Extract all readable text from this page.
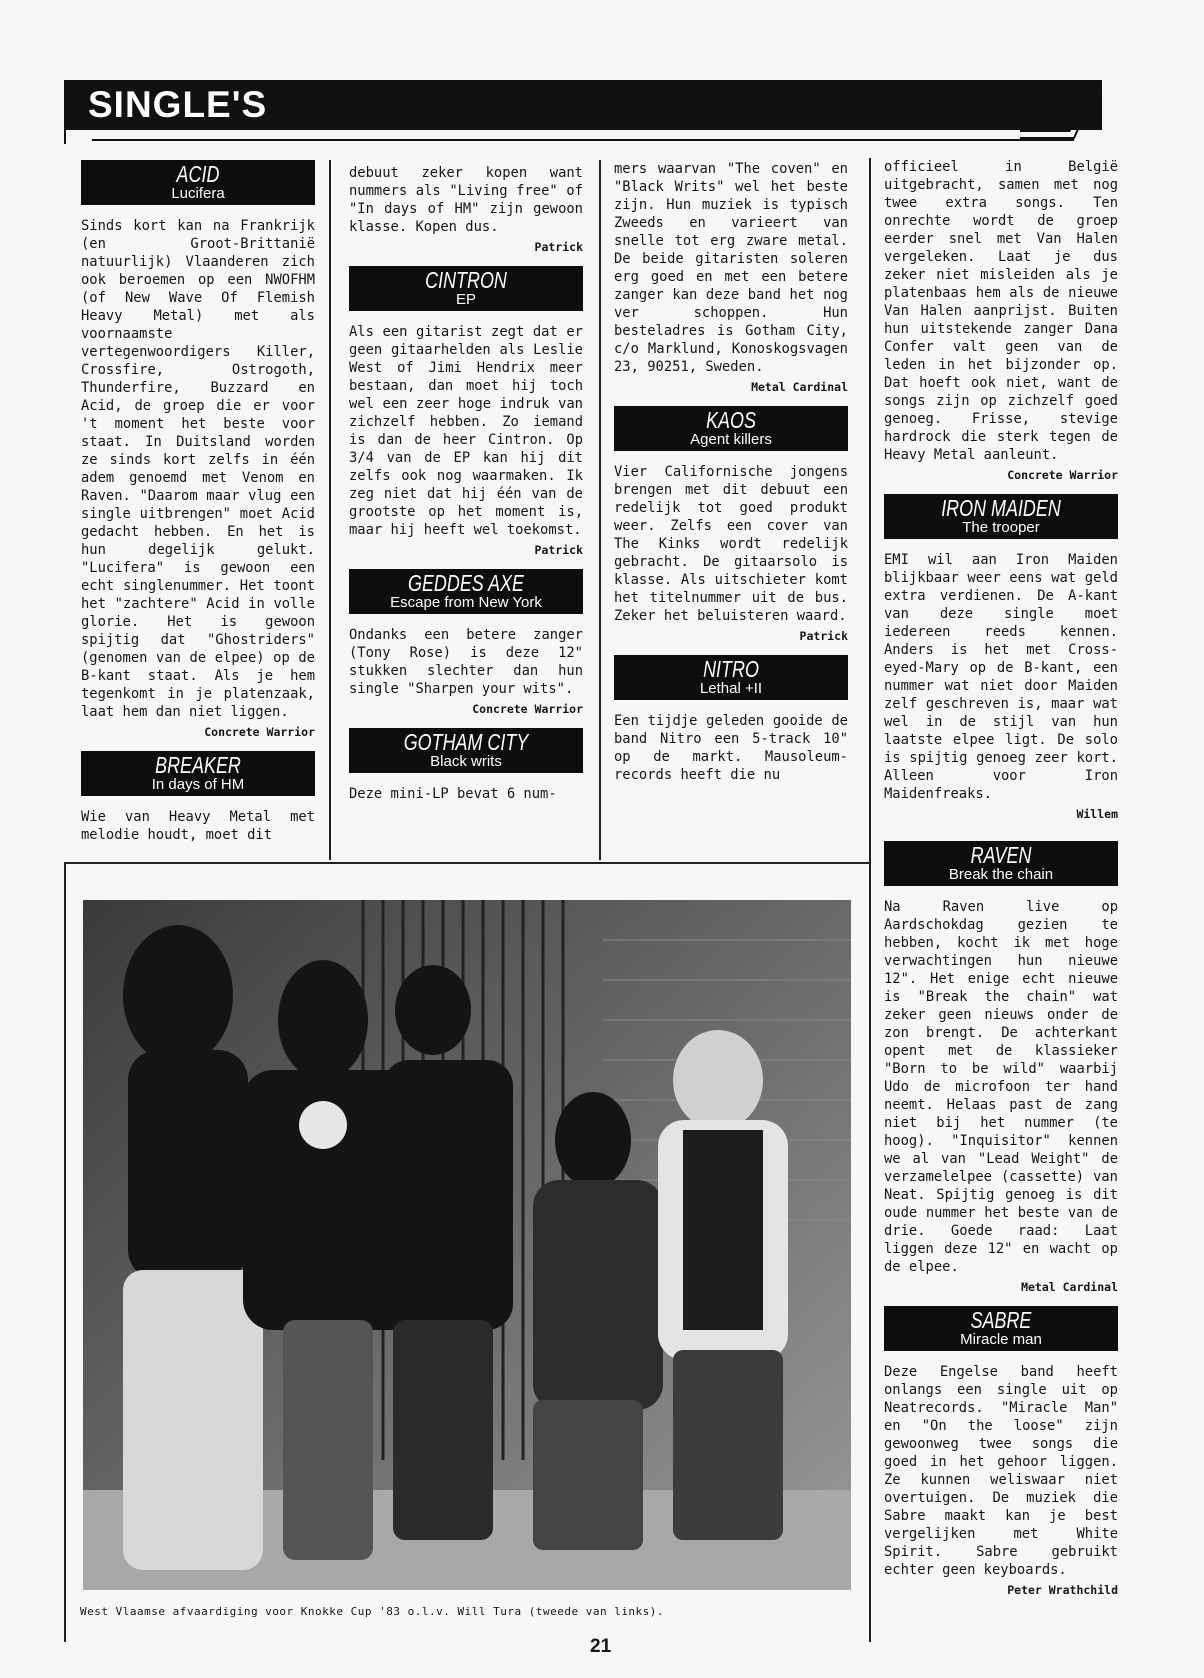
SINGLE'S
ACID
Lucifera

Sinds kort kan na Frankrijk (en Groot-Brittanië natuurlijk) Vlaanderen zich ook beroemen op een NWOFHM (of New Wave Of Flemish Heavy Metal) met als voornaamste vertegenwoordigers Killer, Crossfire, Ostrogoth, Thunderfire, Buzzard en Acid, de groep die er voor 't moment het beste voor staat. In Duitsland worden ze sinds kort zelfs in één adem genoemd met Venom en Raven. "Daarom maar vlug een single uitbrengen" moet Acid gedacht hebben. En het is hun degelijk gelukt. "Lucifera" is gewoon een echt singlenummer. Het toont het "zachtere" Acid in volle glorie. Het is gewoon spijtig dat "Ghostriders" (genomen van de elpee) op de B-kant staat. Als je hem tegenkomt in je platenzaak, laat hem dan niet liggen.

Concrete Warrior
BREAKER
In days of HM

Wie van Heavy Metal met melodie houdt, moet dit

debuut zeker kopen want nummers als "Living free" of "In days of HM" zijn gewoon klasse. Kopen dus.

Patrick
CINTRON
EP

Als een gitarist zegt dat er geen gitaarhelden als Leslie West of Jimi Hendrix meer bestaan, dan moet hij toch wel een zeer hoge indruk van zichzelf hebben. Zo iemand is dan de heer Cintron. Op 3/4 van de EP kan hij dit zelfs ook nog waarmaken. Ik zeg niet dat hij één van de grootste op het moment is, maar hij heeft wel toekomst.

Patrick
GEDDES AXE
Escape from New York

Ondanks een betere zanger (Tony Rose) is deze 12" stukken slechter dan hun single "Sharpen your wits".

Concrete Warrior
GOTHAM CITY
Black writs

Deze mini-LP bevat 6 num-

mers waarvan "The coven" en "Black Writs" wel het beste zijn. Hun muziek is typisch Zweeds en varieert van snelle tot erg zware metal. De beide gitaristen soleren erg goed en met een betere zanger kan deze band het nog ver schoppen. Hun besteladres is Gotham City, c/o Marklund, Konoskogsvagen 23, 90251, Sweden.

Metal Cardinal
KAOS
Agent killers

Vier Californische jongens brengen met dit debuut een redelijk tot goed produkt weer. Zelfs een cover van The Kinks wordt redelijk gebracht. De gitaarsolo is klasse. Als uitschieter komt het titelnummer uit de bus. Zeker het beluisteren waard.

Patrick
NITRO
Lethal +II

Een tijdje geleden gooide de band Nitro een 5-track 10" op de markt. Mausoleum-records heeft die nu

officieel in België uitgebracht, samen met nog twee extra songs. Ten onrechte wordt de groep eerder snel met Van Halen vergeleken. Laat je dus zeker niet misleiden als je platenbaas hem als de nieuwe Van Halen aanprijst. Buiten hun uitstekende zanger Dana Confer valt geen van de leden in het bijzonder op. Dat hoeft ook niet, want de songs zijn op zichzelf goed genoeg. Frisse, stevige hardrock die sterk tegen de Heavy Metal aanleunt.

Concrete Warrior
IRON MAIDEN
The trooper

EMI wil aan Iron Maiden blijkbaar weer eens wat geld extra verdienen. De A-kant van deze single moet iedereen reeds kennen. Anders is het met Cross-eyed-Mary op de B-kant, een nummer wat niet door Maiden zelf geschreven is, maar wat wel in de stijl van hun laatste elpee ligt. De solo is spijtig genoeg zeer kort. Alleen voor Iron Maidenfreaks.

Willem
RAVEN
Break the chain

Na Raven live op Aardschokdag gezien te hebben, kocht ik met hoge verwachtingen hun nieuwe 12". Het enige echt nieuwe is "Break the chain" wat zeker geen nieuws onder de zon brengt. De achterkant opent met de klassieker "Born to be wild" waarbij Udo de microfoon ter hand neemt. Helaas past de zang niet bij het nummer (te hoog). "Inquisitor" kennen we al van "Lead Weight" de verzamelelpee (cassette) van Neat. Spijtig genoeg is dit oude nummer het beste van de drie. Goede raad: Laat liggen deze 12" en wacht op de elpee.

Metal Cardinal
SABRE
Miracle man

Deze Engelse band heeft onlangs een single uit op Neatrecords. "Miracle Man" en "On the loose" zijn gewoonweg twee songs die goed in het gehoor liggen. Ze kunnen weliswaar niet overtuigen. De muziek die Sabre maakt kan je best vergelijken met White Spirit. Sabre gebruikt echter geen keyboards.

Peter Wrathchild
West Vlaamse afvaardiging voor Knokke Cup '83 o.l.v. Will Tura (tweede van links).
21
